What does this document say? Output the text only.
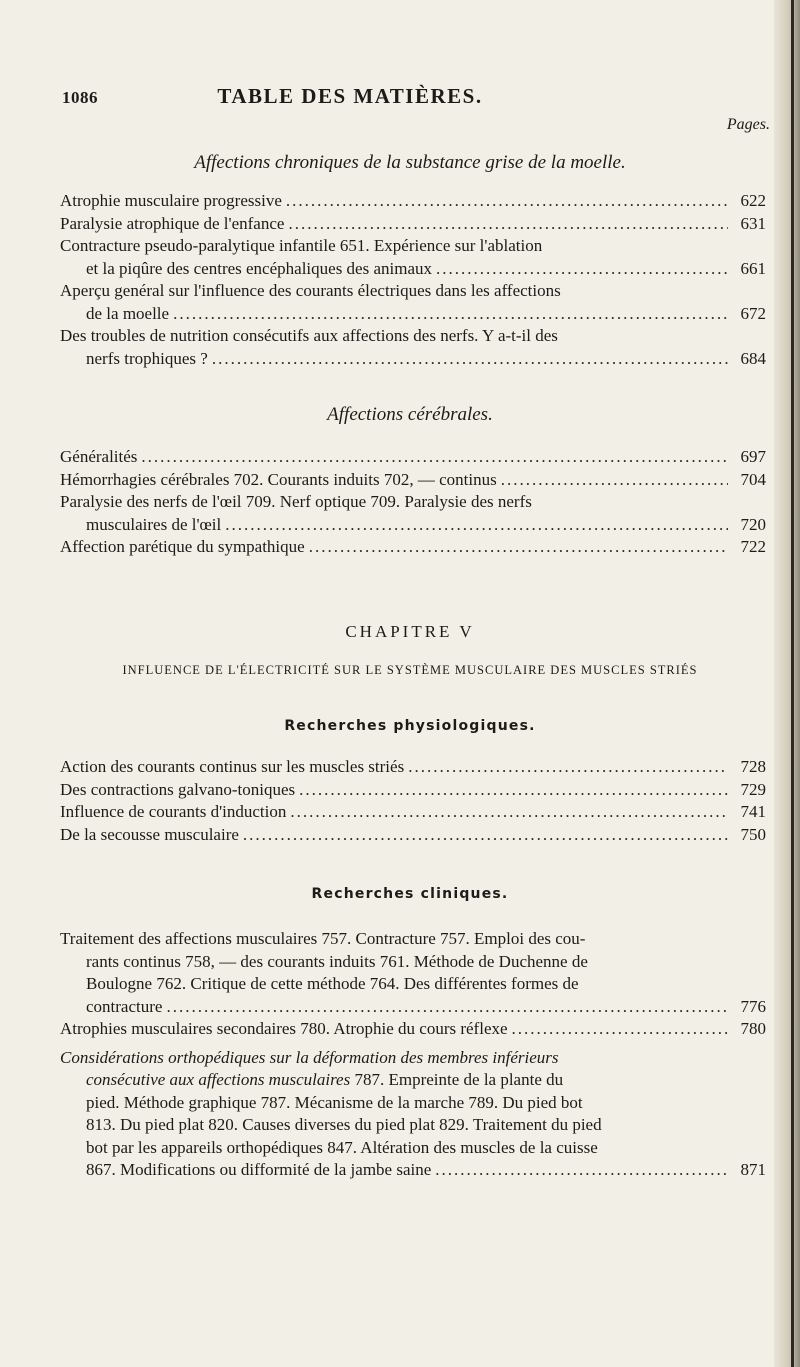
1086	TABLE DES MATIÈRES.
Pages.
Affections chroniques de la substance grise de la moelle.
Atrophie musculaire progressive .....	622
Paralysie atrophique de l'enfance .....	631
Contracture pseudo-paralytique infantile 651. Expérience sur l'ablation
et la piqûre des centres encéphaliques des animaux .....	661
Aperçu genéral sur l'influence des courants électriques dans les affections
de la moelle .....	672
Des troubles de nutrition consécutifs aux affections des nerfs. Y a-t-il des
nerfs trophiques ? .....	684
Affections cérébrales.
Généralités .....	697
Hémorrhagies cérébrales 702. Courants induits 702, — continus .....	704
Paralysie des nerfs de l'œil 709. Nerf optique 709. Paralysie des nerfs
musculaires de l'œil .....	720
Affection parétique du sympathique .....	722
CHAPITRE V
INFLUENCE DE L'ÉLECTRICITÉ SUR LE SYSTÈME MUSCULAIRE DES MUSCLES STRIÉS
Recherches physiologiques.
Action des courants continus sur les muscles striés .....	728
Des contractions galvano-toniques .....	729
Influence de courants d'induction .....	741
De la secousse musculaire .....	750
Recherches cliniques.
Traitement des affections musculaires 757. Contracture 757. Emploi des cou-
rants continus 758, — des courants induits 761. Méthode de Duchenne de
Boulogne 762. Critique de cette méthode 764. Des différentes formes de
contracture .....	776
Atrophies musculaires secondaires 780. Atrophie du cours réflexe .....	780
Considérations orthopédiques sur la déformation des membres inférieurs
consécutive aux affections musculaires 787. Empreinte de la plante du
pied. Méthode graphique 787. Mécanisme de la marche 789. Du pied bot
813. Du pied plat 820. Causes diverses du pied plat 829. Traitement du pied
bot par les appareils orthopédiques 847. Altération des muscles de la cuisse
867. Modifications ou difformité de la jambe saine .....	871
